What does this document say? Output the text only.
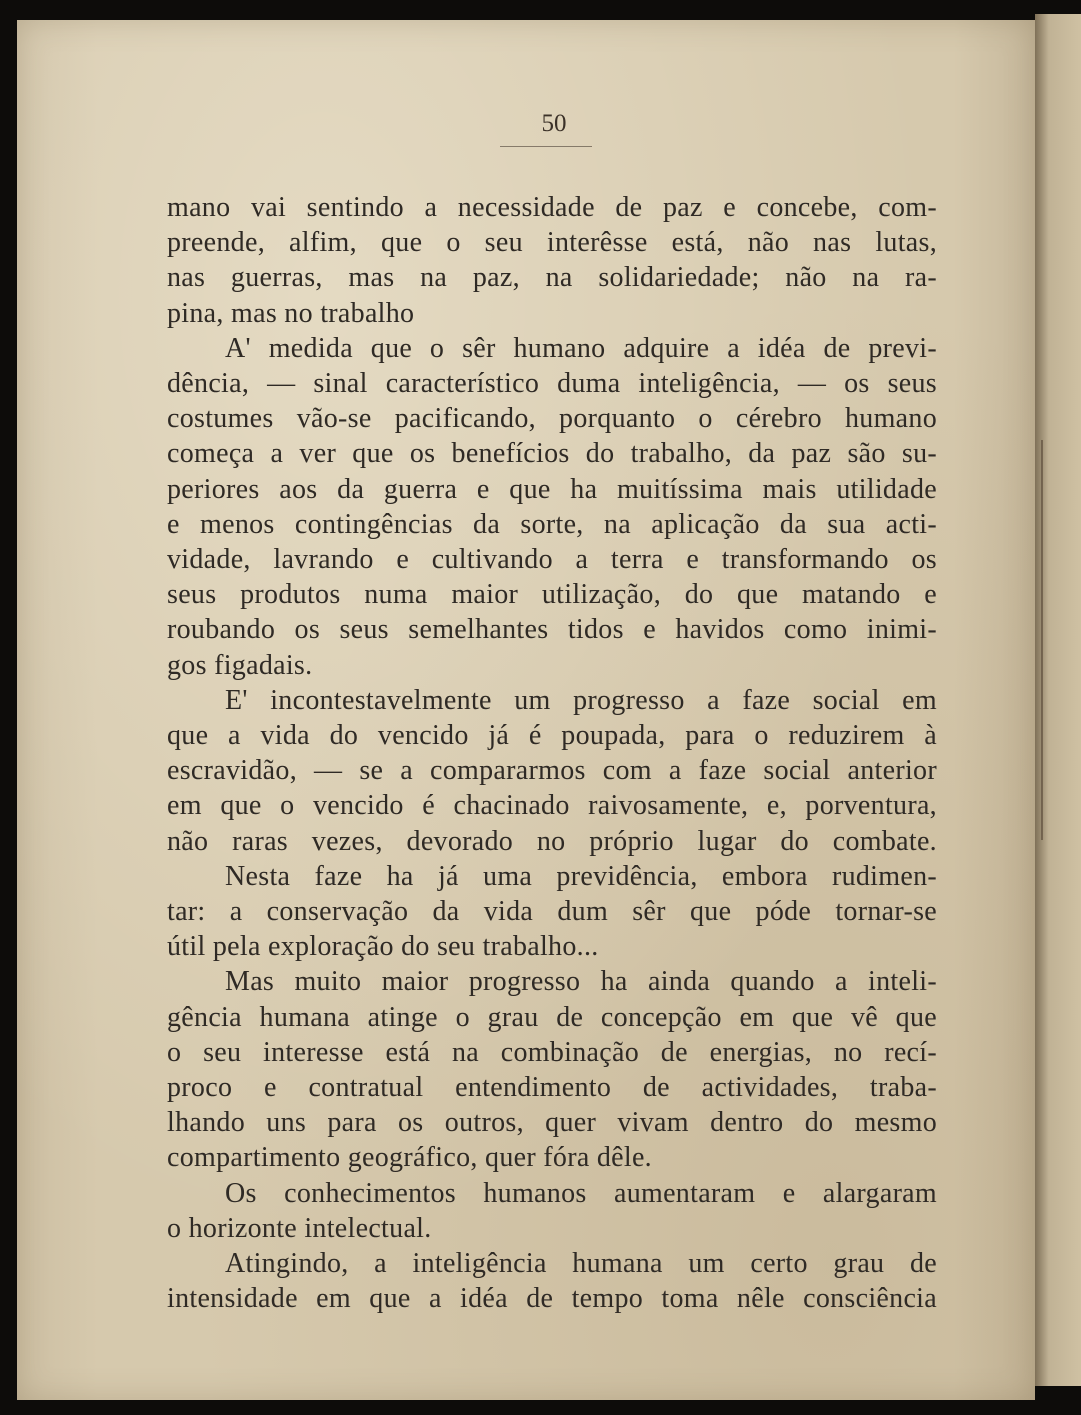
50
mano vai sentindo a necessidade de paz e concebe, com-
preende, alfim, que o seu interêsse está, não nas lutas,
nas guerras, mas na paz, na solidariedade; não na ra-
pina, mas no trabalho
A' medida que o sêr humano adquire a idéa de previ-
dência, — sinal característico duma inteligência, — os seus
costumes vão-se pacificando, porquanto o cérebro humano
começa a ver que os benefícios do trabalho, da paz são su-
periores aos da guerra e que ha muitíssima mais utilidade
e menos contingências da sorte, na aplicação da sua acti-
vidade, lavrando e cultivando a terra e transformando os
seus produtos numa maior utilização, do que matando e
roubando os seus semelhantes tidos e havidos como inimi-
gos figadais.
E' incontestavelmente um progresso a faze social em
que a vida do vencido já é poupada, para o reduzirem à
escravidão, — se a compararmos com a faze social anterior
em que o vencido é chacinado raivosamente, e, porventura,
não raras vezes, devorado no próprio lugar do combate.
Nesta faze ha já uma previdência, embora rudimen-
tar: a conservação da vida dum sêr que póde tornar-se
útil pela exploração do seu trabalho...
Mas muito maior progresso ha ainda quando a inteli-
gência humana atinge o grau de concepção em que vê que
o seu interesse está na combinação de energias, no recí-
proco e contratual entendimento de actividades, traba-
lhando uns para os outros, quer vivam dentro do mesmo
compartimento geográfico, quer fóra dêle.
Os conhecimentos humanos aumentaram e alargaram
o horizonte intelectual.
Atingindo, a inteligência humana um certo grau de
intensidade em que a idéa de tempo toma nêle consciência
